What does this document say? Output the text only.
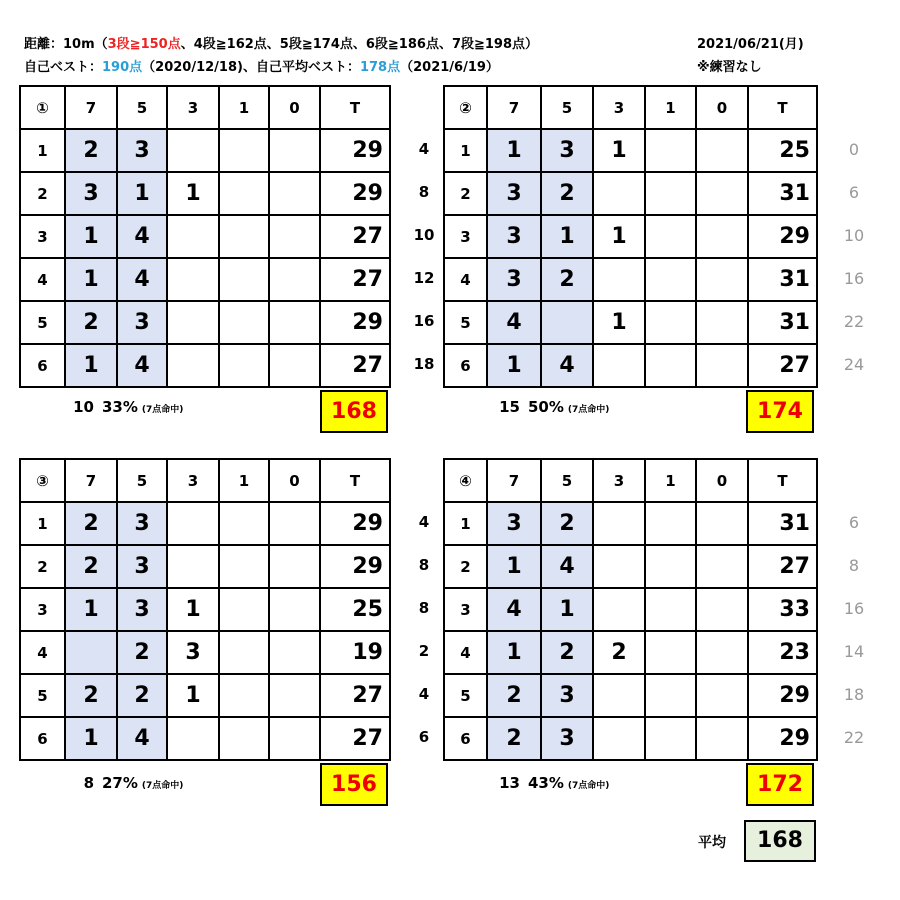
距離：10m（3段≧150点、4段≧162点、5段≧174点、6段≧186点、7段≧198点）
自己ベスト：190点（2020/12/18)、自己平均ベスト：178点（2021/6/19）
2021/06/21(月)
※練習なし
①	7	5	3	1	0	T
1	2	3				29
2	3	1	1			29
3	1	4				27
4	1	4				27
5	2	3				29
6	1	4				27
10 33% (7点命中)	168
4
8
10
12
16
18
②	7	5	3	1	0	T
1	1	3	1			25
2	3	2				31
3	3	1	1			29
4	3	2				31
5	4		1			31
6	1	4				27
15 50% (7点命中)	174
0
6
10
16
22
24
③	7	5	3	1	0	T
1	2	3				29
2	2	3				29
3	1	3	1			25
4		2	3			19
5	2	2	1			27
6	1	4				27
8 27% (7点命中)	156
4
8
8
2
4
6
④	7	5	3	1	0	T
1	3	2				31
2	1	4				27
3	4	1				33
4	1	2	2			23
5	2	3				29
6	2	3				29
13 43% (7点命中)	172
6
8
16
14
18
22
平均	168
